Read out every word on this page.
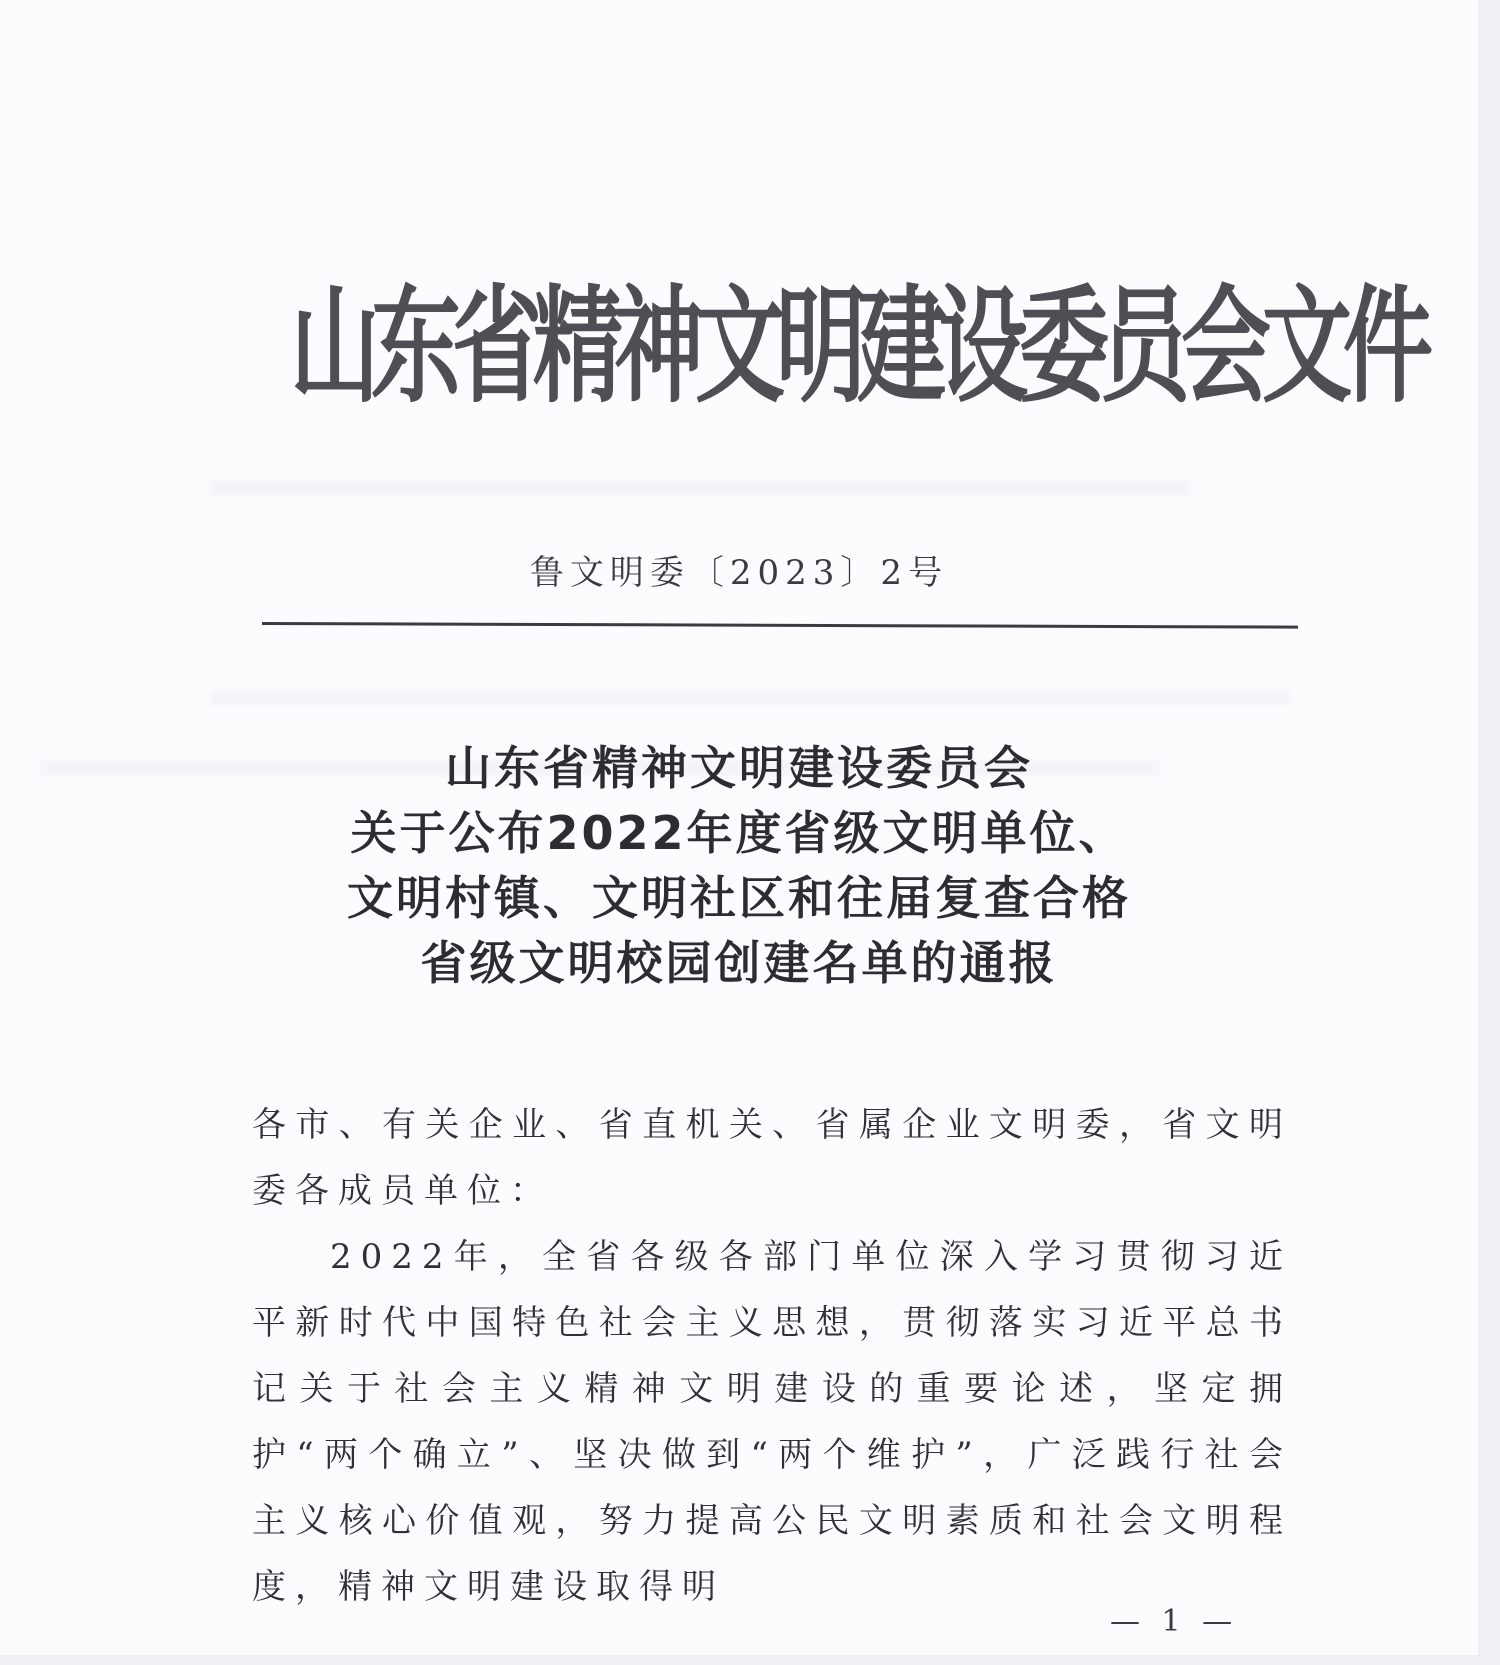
山东省精神文明建设委员会文件
鲁文明委〔2023〕2号
山东省精神文明建设委员会
关于公布2022年度省级文明单位、
文明村镇、文明社区和往届复查合格
省级文明校园创建名单的通报

各市、有关企业、省直机关、省属企业文明委，省文明委各成员单位：

2022年，全省各级各部门单位深入学习贯彻习近平新时代中国特色社会主义思想，贯彻落实习近平总书记关于社会主义精神文明建设的重要论述，坚定拥护“两个确立”、坚决做到“两个维护”，广泛践行社会主义核心价值观，努力提高公民文明素质和社会文明程度，精神文明建设取得明

— 1 —
